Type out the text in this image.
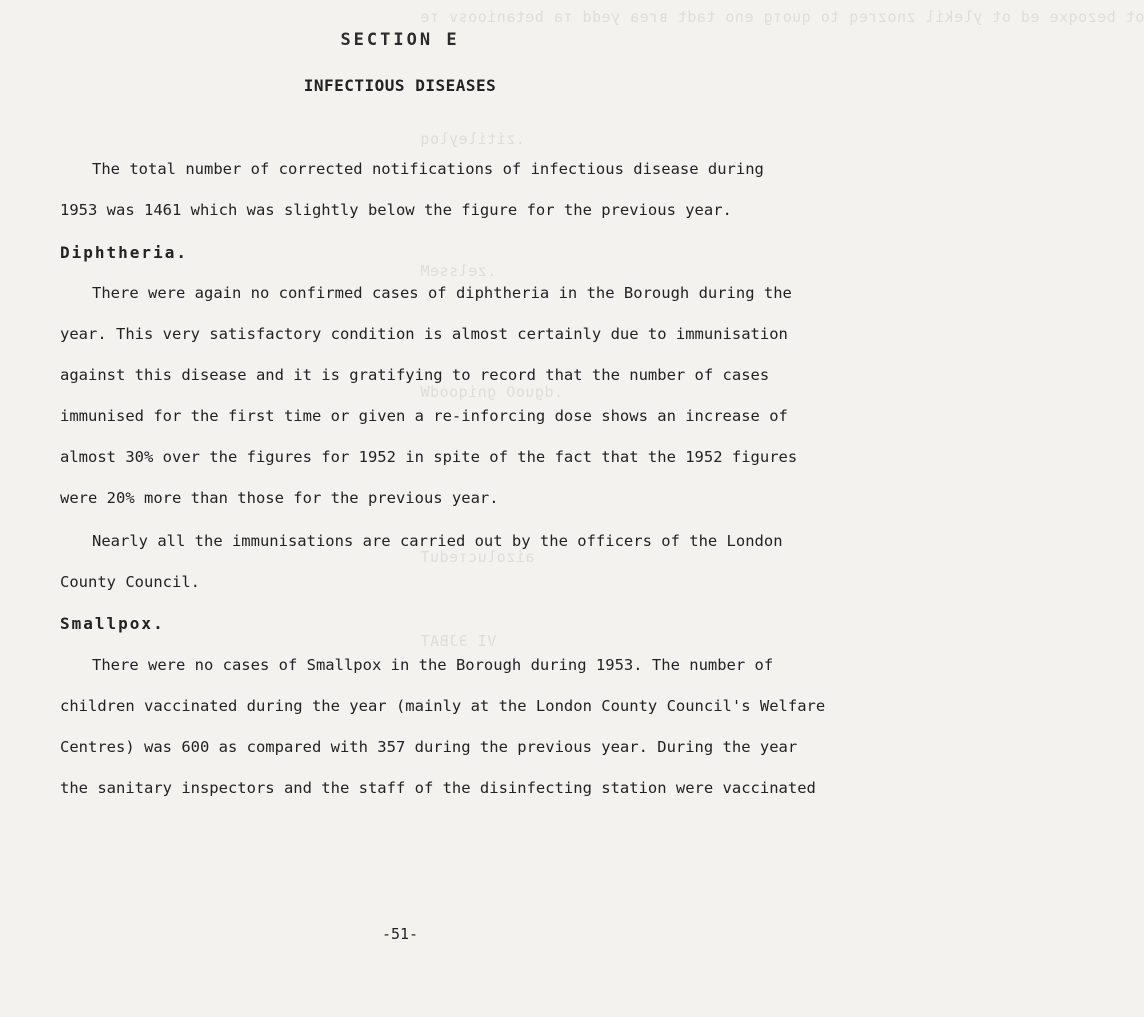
ot bezoqxe ed ot ylekil znozreq to quoтg eno tadt вrea yedd тa betanioosv тe
.zitileyloq
.zelsseM
.dguoO gniqoodW
aizolucтedu​T
VI ЭJBAT
SECTION E
INFECTIOUS DISEASES
The total number of corrected notifications of infectious disease during
1953 was 1461 which was slightly below the figure for the previous year.
Diphtheria.
There were again no confirmed cases of diphtheria in the Borough during the
year. This very satisfactory condition is almost certainly due to immunisation
against this disease and it is gratifying to record that the number of cases
immunised for the first time or given a re-inforcing dose shows an increase of
almost 30% over the figures for 1952 in spite of the fact that the 1952 figures
were 20% more than those for the previous year.
Nearly all the immunisations are carried out by the officers of the London
County Council.
Smallpox.
There were no cases of Smallpox in the Borough during 1953. The number of
children vaccinated during the year (mainly at the London County Council's Welfare
Centres) was 600 as compared with 357 during the previous year. During the year
the sanitary inspectors and the staff of the disinfecting station were vaccinated
-51-
